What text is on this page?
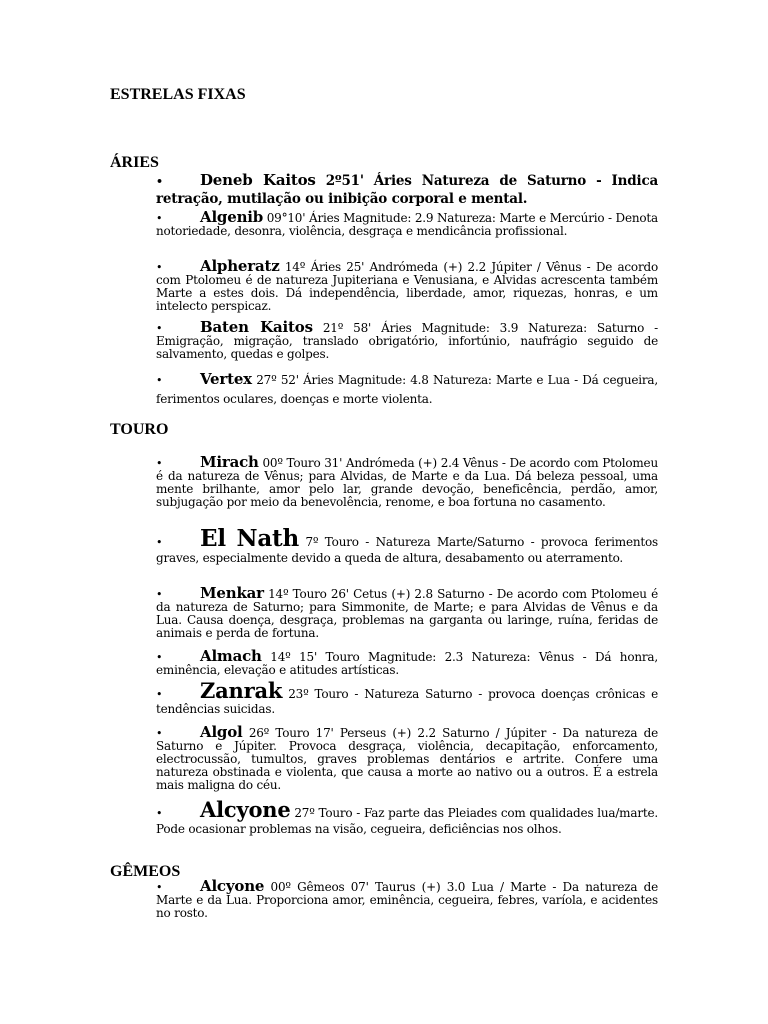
ESTRELAS FIXAS
ÁRIES
• Deneb Kaitos 2º51' Áries Natureza de Saturno - Indica retração, mutilação ou inibição corporal e mental.
•	Algenib 09°10' Áries Magnitude: 2.9 Natureza: Marte e Mercúrio - Denota notoriedade, desonra, violência, desgraça e mendicância profissional.
•	Alpheratz 14º Áries 25' Andrómeda (+) 2.2 Júpiter / Vênus - De acordo com Ptolomeu é de natureza Jupiteriana e Venusiana, e Alvidas acrescenta também Marte a estes dois. Dá independência, liberdade, amor, riquezas, honras, e um intelecto perspicaz.
•	Baten Kaitos 21º 58' Áries Magnitude: 3.9 Natureza: Saturno - Emigração, migração, translado obrigatório, infortúnio, naufrágio seguido de salvamento, quedas e golpes.
•	Vertex 27º 52' Áries Magnitude: 4.8 Natureza: Marte e Lua - Dá cegueira, ferimentos oculares, doenças e morte violenta.
TOURO
•	Mirach 00º Touro 31' Andrómeda (+) 2.4 Vênus - De acordo com Ptolomeu é da natureza de Vênus; para Alvidas, de Marte e da Lua. Dá beleza pessoal, uma mente brilhante, amor pelo lar, grande devoção, beneficência, perdão, amor, subjugação por meio da benevolência, renome, e boa fortuna no casamento.
• El Nath 7º Touro - Natureza Marte/Saturno - provoca ferimentos graves, especialmente devido a queda de altura, desabamento ou aterramento.
•	Menkar 14º Touro 26' Cetus (+) 2.8 Saturno - De acordo com Ptolomeu é da natureza de Saturno; para Simmonite, de Marte; e para Alvidas de Vênus e da Lua. Causa doença, desgraça, problemas na garganta ou laringe, ruína, feridas de animais e perda de fortuna.
•	Almach 14º 15' Touro Magnitude: 2.3 Natureza: Vênus - Dá honra, eminência, elevação e atitudes artísticas.
• Zanrak 23º Touro - Natureza Saturno - provoca doenças crônicas e tendências suicidas.
•	Algol 26º Touro 17' Perseus (+) 2.2 Saturno / Júpiter - Da natureza de Saturno e Júpiter. Provoca desgraça, violência, decapitação, enforcamento, electrocussão, tumultos, graves problemas dentários e artrite. Confere uma natureza obstinada e violenta, que causa a morte ao nativo ou a outros. É a estrela mais maligna do céu.
• Alcyone 27º Touro - Faz parte das Pleiades com qualidades lua/marte. Pode ocasionar problemas na visão, cegueira, deficiências nos olhos.
GÊMEOS
•	Alcyone 00º Gêmeos 07' Taurus (+) 3.0 Lua / Marte - Da natureza de Marte e da Lua. Proporciona amor, eminência, cegueira, febres, varíola, e acidentes no rosto.
